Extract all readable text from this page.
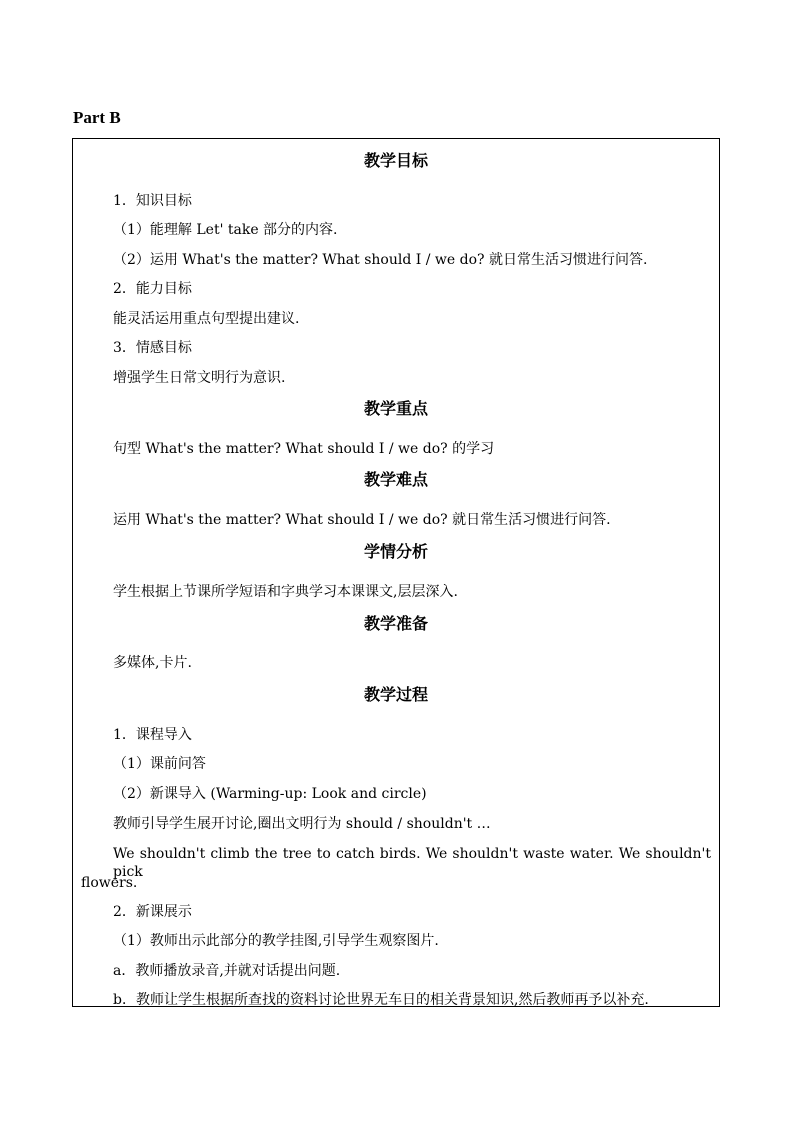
Part B
教学目标
1．知识目标
（1）能理解 Let' take 部分的内容.
（2）运用 What's the matter? What should I / we do? 就日常生活习惯进行问答.
2．能力目标
能灵活运用重点句型提出建议.
3．情感目标
增强学生日常文明行为意识.
教学重点
句型 What's the matter? What should I / we do? 的学习
教学难点
运用 What's the matter? What should I / we do? 就日常生活习惯进行问答.
学情分析
学生根据上节课所学短语和字典学习本课课文,层层深入.
教学准备
多媒体,卡片.
教学过程
1．课程导入
（1）课前问答
（2）新课导入 (Warming-up: Look and circle)
教师引导学生展开讨论,圈出文明行为 should / shouldn't …
We shouldn't climb the tree to catch birds. We shouldn't waste water. We shouldn't pick
flowers.
2．新课展示
（1）教师出示此部分的教学挂图,引导学生观察图片.
a．教师播放录音,并就对话提出问题.
b．教师让学生根据所查找的资料讨论世界无车日的相关背景知识,然后教师再予以补充.
